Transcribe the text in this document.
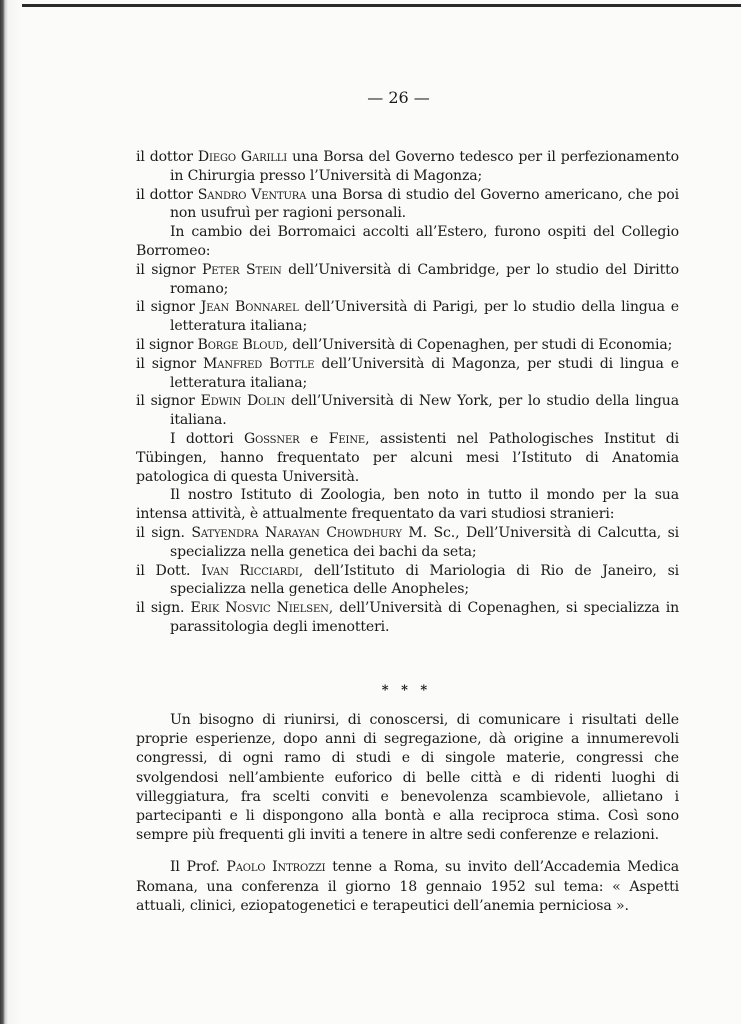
— 26 —

il dottor Diego Garilli una Borsa del Governo tedesco per il perfezionamento in Chirurgia presso l’Università di Magonza;

il dottor Sandro Ventura una Borsa di studio del Governo americano, che poi non usufruì per ragioni personali.

In cambio dei Borromaici accolti all’Estero, furono ospiti del Collegio Borromeo:

il signor Peter Stein dell’Università di Cambridge, per lo studio del Diritto romano;

il signor Jean Bonnarel dell’Università di Parigi, per lo studio della lingua e letteratura italiana;

il signor Borge Bloud, dell’Università di Copenaghen, per studi di Economia;

il signor Manfred Bottle dell’Università di Magonza, per studi di lingua e letteratura italiana;

il signor Edwin Dolin dell’Università di New York, per lo studio della lingua italiana.

I dottori Gossner e Feine, assistenti nel Pathologisches Institut di Tübingen, hanno frequentato per alcuni mesi l’Istituto di Anatomia patologica di questa Università.

Il nostro Istituto di Zoologia, ben noto in tutto il mondo per la sua intensa attività, è attualmente frequentato da vari studiosi stranieri:

il sign. Satyendra Narayan Chowdhury M. Sc., Dell’Università di Calcutta, si specializza nella genetica dei bachi da seta;

il Dott. Ivan Ricciardi, dell’Istituto di Mariologia di Rio de Janeiro, si specializza nella genetica delle Anopheles;

il sign. Erik Nosvic Nielsen, dell’Università di Copenaghen, si specializza in parassitologia degli imenotteri.

* * *

Un bisogno di riunirsi, di conoscersi, di comunicare i risultati delle proprie esperienze, dopo anni di segregazione, dà origine a innumerevoli congressi, di ogni ramo di studi e di singole materie, congressi che svolgendosi nell’ambiente euforico di belle città e di ridenti luoghi di villeggiatura, fra scelti conviti e benevolenza scambievole, allietano i partecipanti e li dispongono alla bontà e alla reciproca stima. Così sono sempre più frequenti gli inviti a tenere in altre sedi conferenze e relazioni.

Il Prof. Paolo Introzzi tenne a Roma, su invito dell’Accademia Medica Romana, una conferenza il giorno 18 gennaio 1952 sul tema: « Aspetti attuali, clinici, eziopatogenetici e terapeutici dell’anemia perniciosa ».
